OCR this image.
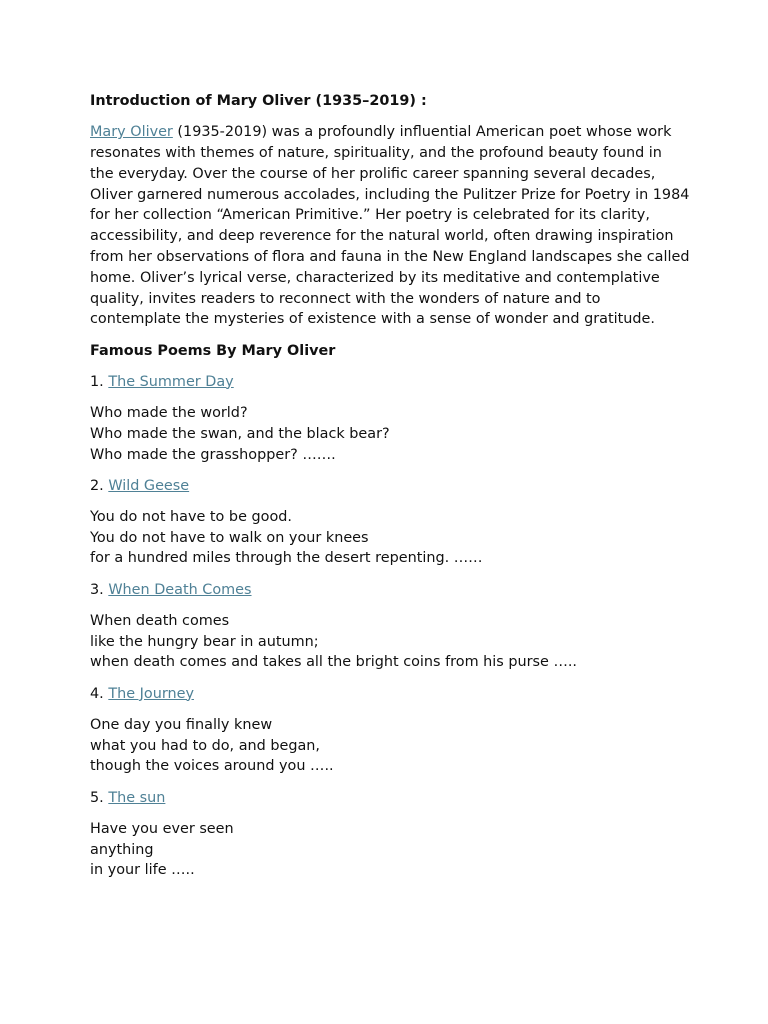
Introduction of Mary Oliver (1935–2019) :
Mary Oliver (1935-2019) was a profoundly influential American poet whose work resonates with themes of nature, spirituality, and the profound beauty found in the everyday. Over the course of her prolific career spanning several decades, Oliver garnered numerous accolades, including the Pulitzer Prize for Poetry in 1984 for her collection “American Primitive.” Her poetry is celebrated for its clarity, accessibility, and deep reverence for the natural world, often drawing inspiration from her observations of flora and fauna in the New England landscapes she called home. Oliver’s lyrical verse, characterized by its meditative and contemplative quality, invites readers to reconnect with the wonders of nature and to contemplate the mysteries of existence with a sense of wonder and gratitude.
Famous Poems By Mary Oliver
1. The Summer Day
Who made the world?
Who made the swan, and the black bear?
Who made the grasshopper? …….
2. Wild Geese
You do not have to be good.
You do not have to walk on your knees
for a hundred miles through the desert repenting. ……
3. When Death Comes
When death comes
like the hungry bear in autumn;
when death comes and takes all the bright coins from his purse …..
4. The Journey
One day you finally knew
what you had to do, and began,
though the voices around you …..
5. The sun
Have you ever seen
anything
in your life …..
